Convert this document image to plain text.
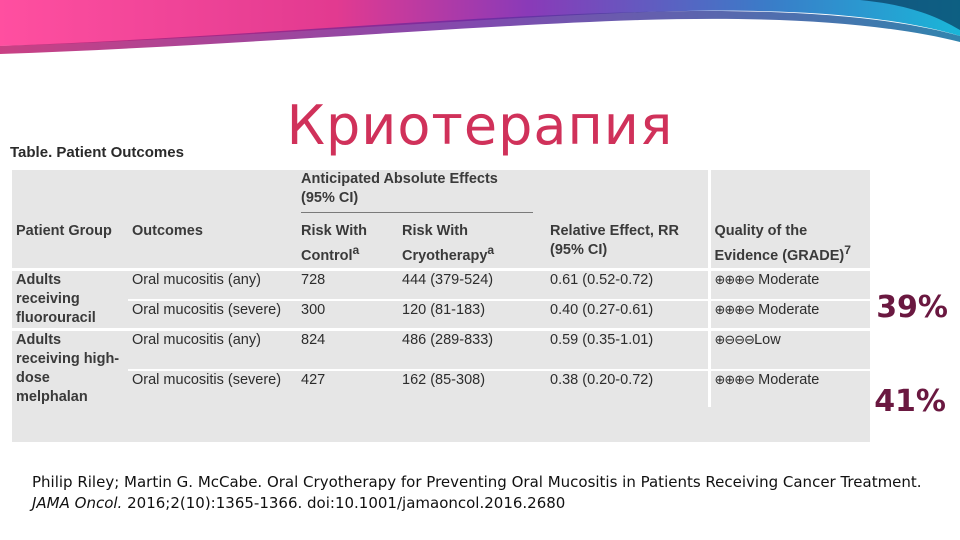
Криотерапия
Table. Patient Outcomes

		Anticipated Absolute Effects (95% CI)			

Patient Group	Outcomes	Risk With Control$^a$	Risk With Cryotherapy$^a$	Relative Effect, RR (95% CI)	Quality of the Evidence (GRADE)$^7$
Adults receiving fluorouracil	Oral mucositis (any)	728	444 (379-524)	0.61 (0.52-0.72)	⊕⊕⊕⊖ Moderate
	Oral mucositis (severe)	300	120 (81-183)	0.40 (0.27-0.61)	⊕⊕⊕⊖ Moderate
Adults receiving high-dose melphalan	Oral mucositis (any)	824	486 (289-833)	0.59 (0.35-1.01)	⊕⊖⊖⊖Low
	Oral mucositis (severe)	427	162 (85-308)	0.38 (0.20-0.72)	⊕⊕⊕⊖ Moderate
39%
41%
Philip Riley; Martin G. McCabe. Oral Cryotherapy for Preventing Oral Mucositis in Patients Receiving Cancer Treatment.
JAMA Oncol. 2016;2(10):1365-1366. doi:10.1001/jamaoncol.2016.2680
